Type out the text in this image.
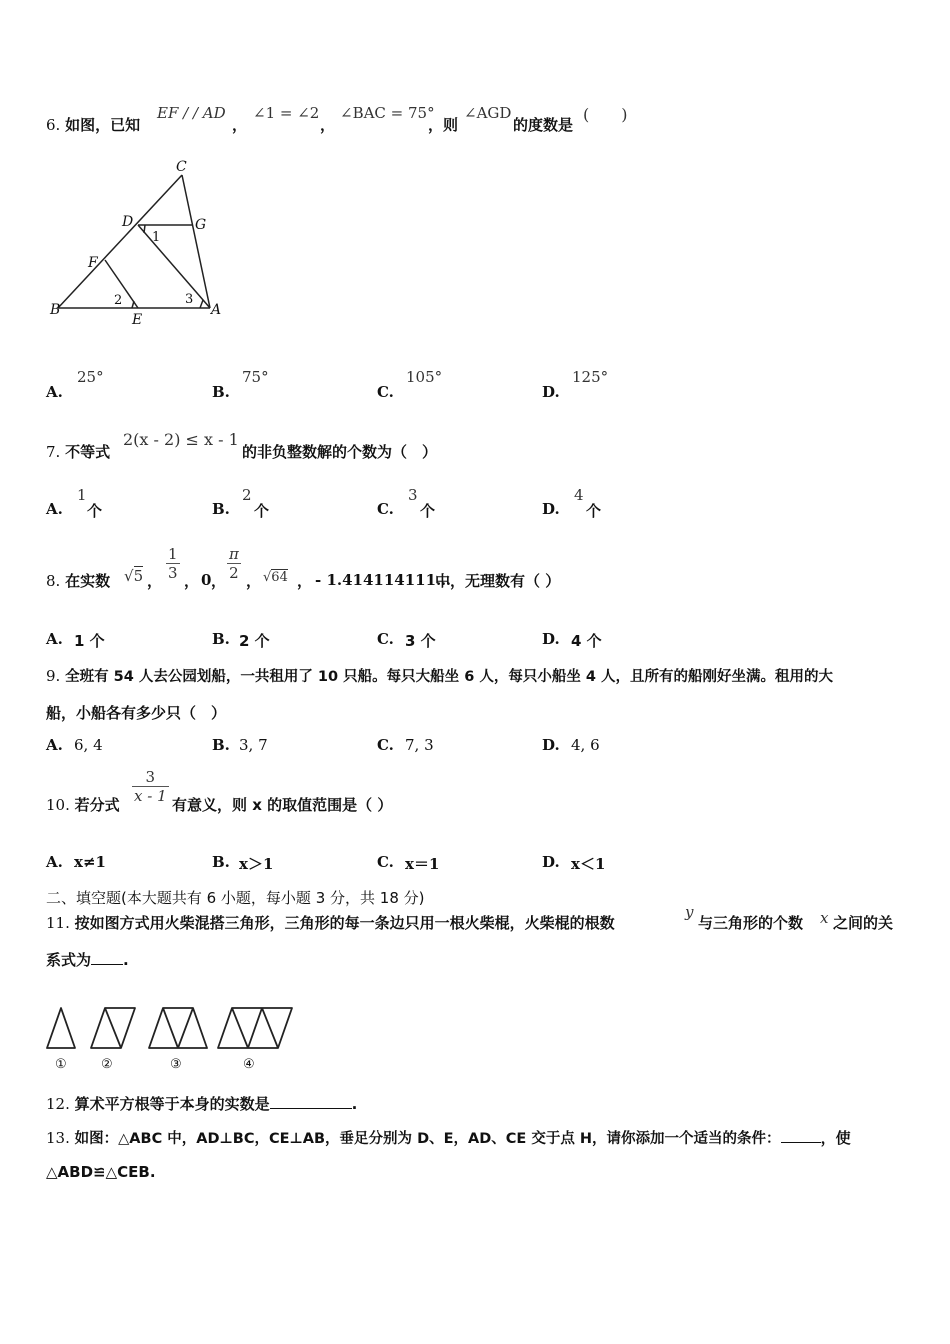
6. 如图，已知
EF / / AD
，
∠1 = ∠2
，
∠BAC = 75°
，则
∠AGD
的度数是
(　　)
C
D	G
1
F
B
2	3
A
E
A.
25°
B.
75°
C.
105°
D.
125°
7. 不等式
2(x - 2) ≤ x - 1
的非负整数解的个数为（　）
A.
1
个	B.
2
个	C.
3
个	D.
4
个
8. 在实数 √5 ， $\frac{1}{3}$ ， 0 ， $\frac{\pi}{2}$ ， √64 ， - 1.414114111…
中，无理数有（ ）
A. 1 个	B. 2 个	C. 3 个	D. 4 个
9. 全班有 54 人去公园划船，一共租用了 10 只船。每只大船坐 6 人，每只小船坐 4 人，且所有的船刚好坐满。租用的大
船，小船各有多少只（　）
A. 6, 4	B. 3, 7	C. 7, 3	D. 4, 6
10. 若分式 $\frac{3}{x - 1}$ 有意义，则 x 的取值范围是（ ）
A. x≠1	B. x＞1	C. x＝1	D. x＜1
二、填空题(本大题共有 6 小题，每小题 3 分，共 18 分)
11. 按如图方式用火柴混搭三角形，三角形的每一条边只用一根火柴棍，火柴棍的根数
y
与三角形的个数 x 之间的关
系式为 .
①	②	③	④
12. 算术平方根等于本身的实数是	.
13. 如图：△ABC 中，AD⊥BC，CE⊥AB，垂足分别为 D、E，AD、CE 交于点 H，请你添加一个适当的条件：	，使
△ABD≌△CEB.
